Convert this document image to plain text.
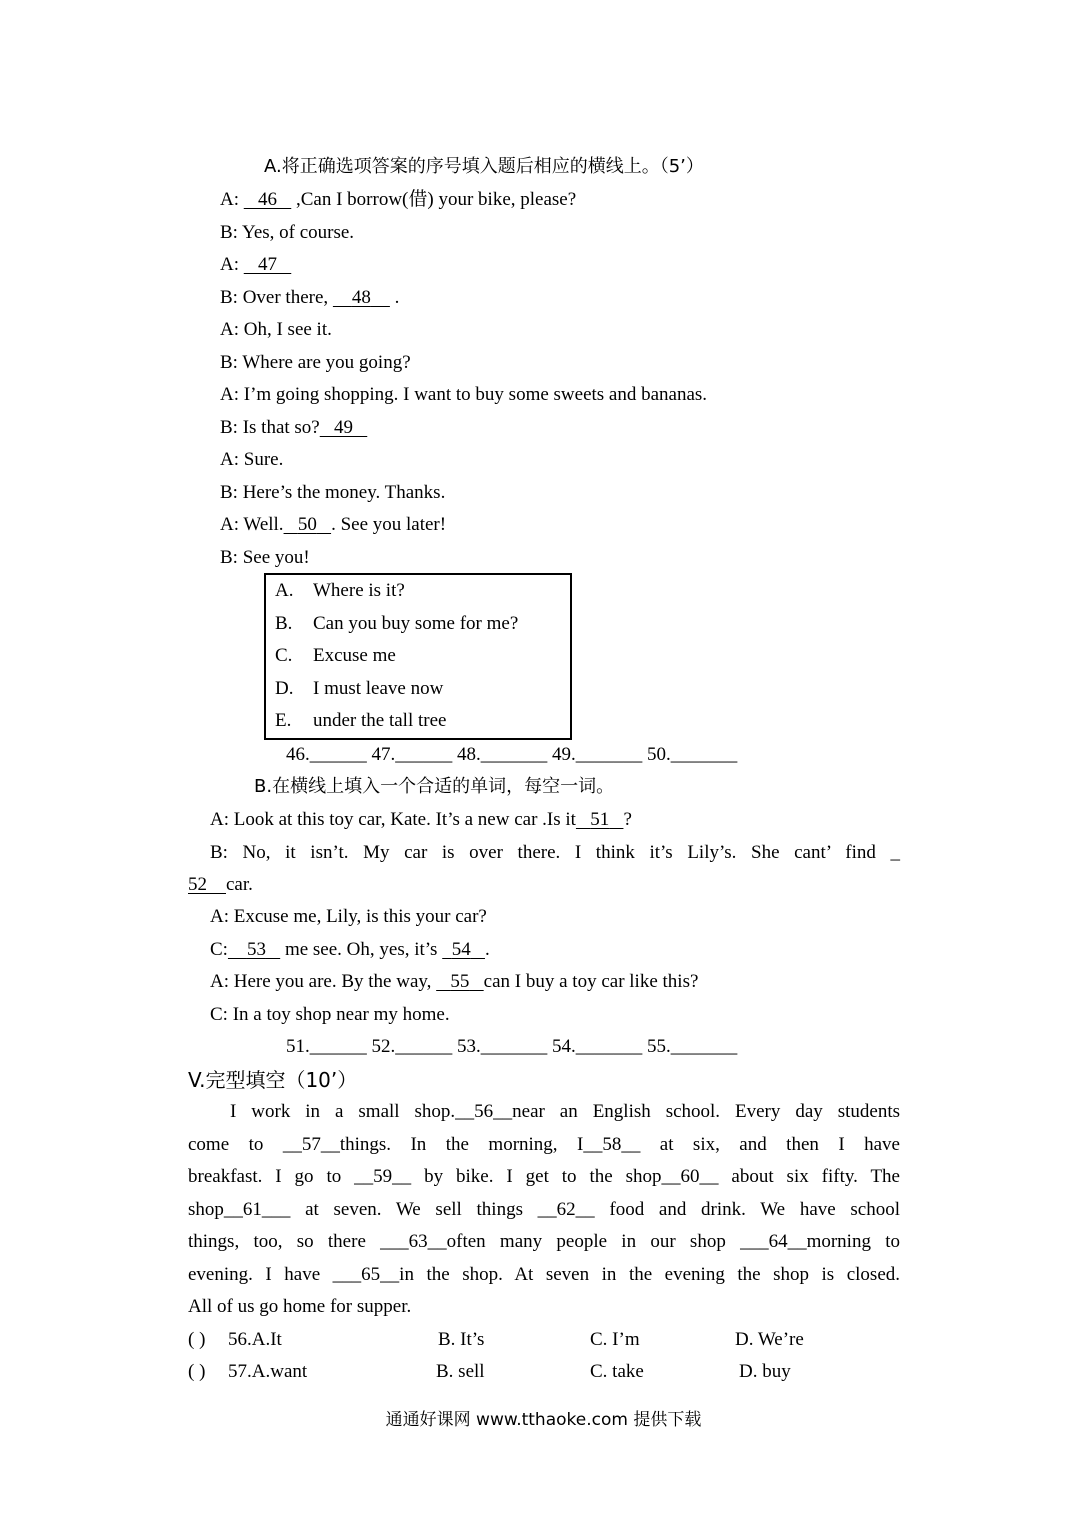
A.将正确选项答案的序号填入题后相应的横线上。（5’）
A:    46    ,Can I borrow(借) your bike, please?
B: Yes, of course.
A:    47
B: Over there,     48     .
A: Oh, I see it.
B: Where are you going?
A: I’m going shopping. I want to buy some sweets and bananas.
B: Is that so? 49
A: Sure.
B: Here’s the money. Thanks.
A: Well. 50 . See you later!
B: See you!
A. Where is it?
B. Can you buy some for me?
C. Excuse me
D. I must leave now
E. under the tall tree
46.______ 47.______ 48._______ 49._______ 50._______
B.在横线上填入一个合适的单词，每空一词。
A: Look at this toy car, Kate. It’s a new car .Is it 51 ?
B: No, it isn’t. My car is over there. I think it’s Lily’s. She cant’ find _
52 car.
A: Excuse me, Lily, is this your car?
C: 53    me see. Oh, yes, it’s   54 .
A: Here you are. By the way,    55 can I buy a toy car like this?
C: In a toy shop near my home.
51.______ 52.______ 53._______ 54._______ 55._______
V.完型填空（10’）
I work in a small shop.__56__near an English school. Every day students
come to __57__things. In the morning, I__58__ at six, and then I have
breakfast. I go to __59__ by bike. I get to the shop__60__ about six fifty. The
shop__61___ at seven. We sell things __62__ food and drink. We have school
things, too, so there ___63__often many people in our shop ___64__morning to
evening. I have ___65__in the shop. At seven in the evening the shop is closed.
All of us go home for supper.
( ) 56.A.It	B. It’s	C. I’m	D. We’re
( ) 57.A.want	B. sell	C. take	D. buy
通通好课网 www.tthaoke.com 提供下载
